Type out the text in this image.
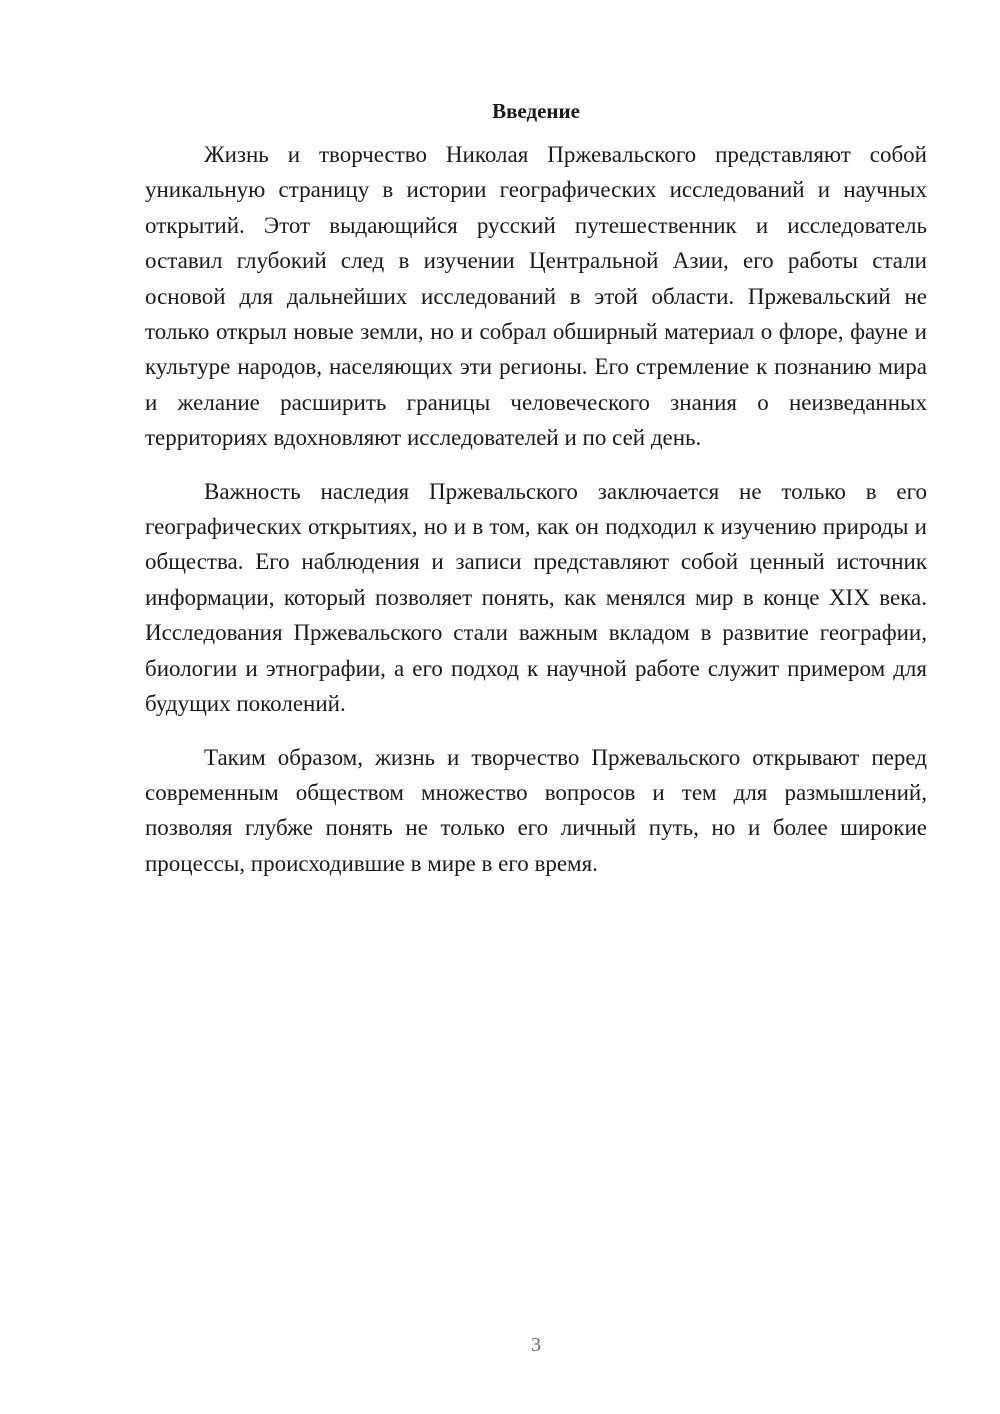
Введение

Жизнь и творчество Николая Пржевальского представляют собой уникальную страницу в истории географических исследований и научных открытий. Этот выдающийся русский путешественник и исследователь оставил глубокий след в изучении Центральной Азии, его работы стали основой для дальнейших исследований в этой области. Пржевальский не только открыл новые земли, но и собрал обширный материал о флоре, фауне и культуре народов, населяющих эти регионы. Его стремление к познанию мира и желание расширить границы человеческого знания о неизведанных территориях вдохновляют исследователей и по сей день.

Важность наследия Пржевальского заключается не только в его географических открытиях, но и в том, как он подходил к изучению природы и общества. Его наблюдения и записи представляют собой ценный источник информации, который позволяет понять, как менялся мир в конце XIX века. Исследования Пржевальского стали важным вкладом в развитие географии, биологии и этнографии, а его подход к научной работе служит примером для будущих поколений.

Таким образом, жизнь и творчество Пржевальского открывают перед современным обществом множество вопросов и тем для размышлений, позволяя глубже понять не только его личный путь, но и более широкие процессы, происходившие в мире в его время.

3
